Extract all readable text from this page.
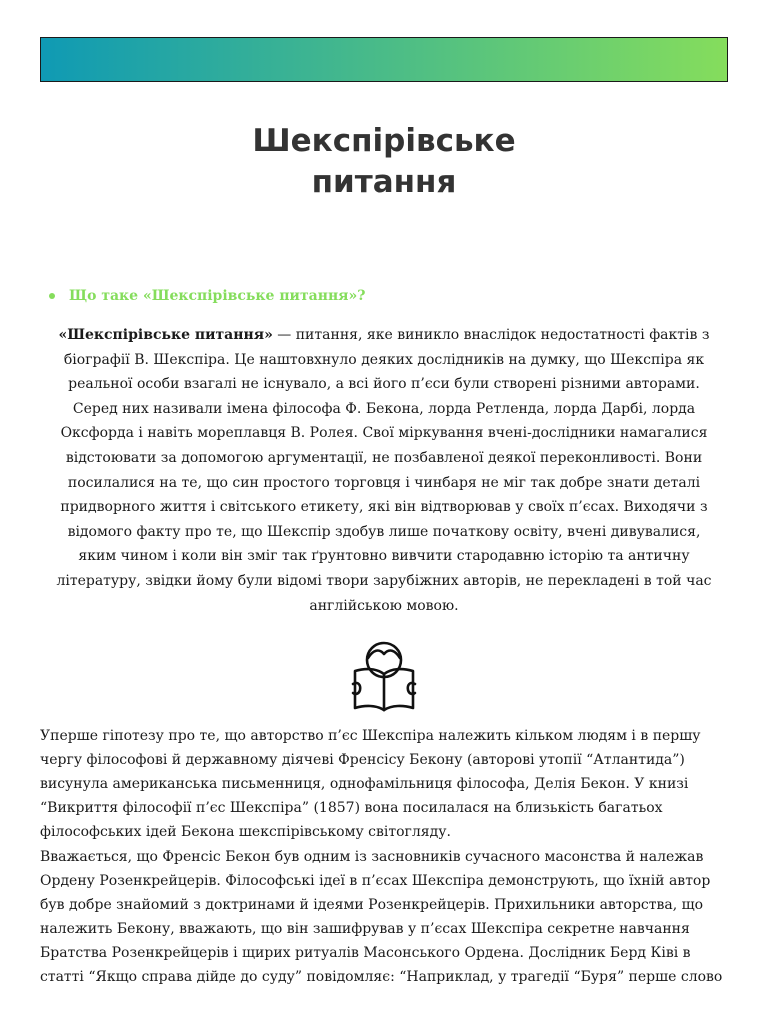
Шекспірівське
питання
Що таке «Шекспірівське питання»?
«Шекспірівське питання» — питання, яке виникло внаслідок недостатності фактів з
біографії В. Шекспіра. Це наштовхнуло деяких дослідників на думку, що Шекспіра як
реальної особи взагалі не існувало, а всі його п’єси були створені різними авторами.
Серед них називали імена філософа Ф. Бекона, лорда Ретленда, лорда Дарбі, лорда
Оксфорда і навіть мореплавця В. Ролея. Свої міркування вчені-дослідники намагалися
відстоювати за допомогою аргументації, не позбавленої деякої переконливості. Вони
посилалися на те, що син простого торговця і чинбаря не міг так добре знати деталі
придворного життя і світського етикету, які він відтворював у своїх п’єсах. Виходячи з
відомого факту про те, що Шекспір здобув лише початкову освіту, вчені дивувалися,
яким чином і коли він зміг так ґрунтовно вивчити стародавню історію та античну
літературу, звідки йому були відомі твори зарубіжних авторів, не перекладені в той час
англійською мовою.
Уперше гіпотезу про те, що авторство п’єс Шекспіра належить кільком людям і в першу
чергу філософові й державному діячеві Френсісу Бекону (авторові утопії “Атлантида”)
висунула американська письменниця, однофамільниця філософа, Делія Бекон. У книзі
“Викриття філософії п’єс Шекспіра” (1857) вона посилалася на близькість багатьох
філософських ідей Бекона шекспірівському світогляду.
Вважається, що Френсіс Бекон був одним із засновників сучасного масонства й належав
Ордену Розенкрейцерів. Філософські ідеї в п’єсах Шекспіра демонструють, що їхній автор
був добре знайомий з доктринами й ідеями Розенкрейцерів. Прихильники авторства, що
належить Бекону, вважають, що він зашифрував у п’єсах Шекспіра секретне навчання
Братства Розенкрейцерів і щирих ритуалів Масонського Ордена. Дослідник Берд Ківі в
статті “Якщо справа дійде до суду” повідомляє: “Наприклад, у трагедії “Буря” перше слово
